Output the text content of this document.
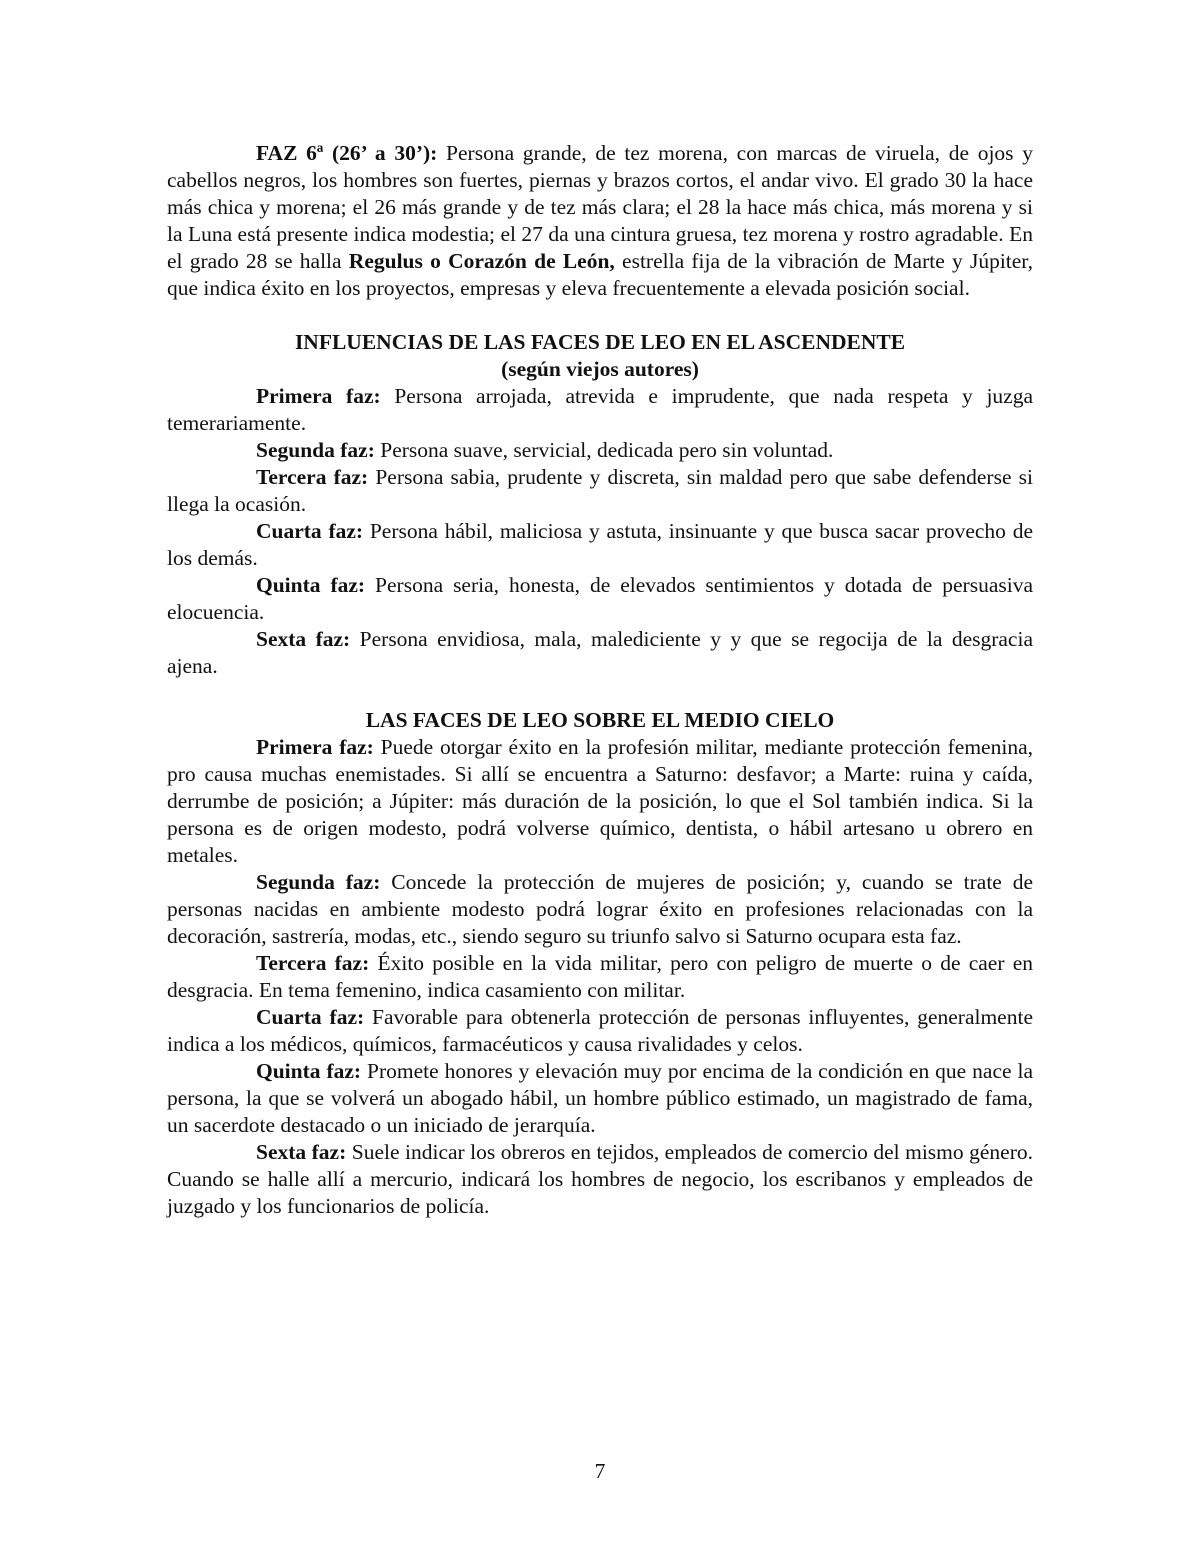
FAZ 6ª (26’ a 30’): Persona grande, de tez morena, con marcas de viruela, de ojos y cabellos negros, los hombres son fuertes, piernas y brazos cortos, el andar vivo. El grado 30 la hace más chica y morena; el 26 más grande y de tez más clara; el 28 la hace más chica, más morena y si la Luna está presente indica modestia; el 27 da una cintura gruesa, tez morena y rostro agradable. En el grado 28 se halla Regulus o Corazón de León, estrella fija de la vibración de Marte y Júpiter, que indica éxito en los proyectos, empresas y eleva frecuentemente a elevada posición social.

INFLUENCIAS DE LAS FACES DE LEO EN EL ASCENDENTE

(según viejos autores)

Primera faz: Persona arrojada, atrevida e imprudente, que nada respeta y juzga temerariamente.

Segunda faz: Persona suave, servicial, dedicada pero sin voluntad.

Tercera faz: Persona sabia, prudente y discreta, sin maldad pero que sabe defenderse si llega la ocasión.

Cuarta faz: Persona hábil, maliciosa y astuta, insinuante y que busca sacar provecho de los demás.

Quinta faz: Persona seria, honesta, de elevados sentimientos y dotada de persuasiva elocuencia.

Sexta faz: Persona envidiosa, mala, malediciente y y que se regocija de la desgracia ajena.

LAS FACES DE LEO SOBRE EL MEDIO CIELO

Primera faz: Puede otorgar éxito en la profesión militar, mediante protección femenina, pro causa muchas enemistades. Si allí se encuentra a Saturno: desfavor; a Marte: ruina y caída, derrumbe de posición; a Júpiter: más duración de la posición, lo que el Sol también indica. Si la persona es de origen modesto, podrá volverse químico, dentista, o hábil artesano u obrero en metales.

Segunda faz: Concede la protección de mujeres de posición; y, cuando se trate de personas nacidas en ambiente modesto podrá lograr éxito en profesiones relacionadas con la decoración, sastrería, modas, etc., siendo seguro su triunfo salvo si Saturno ocupara esta faz.

Tercera faz: Éxito posible en la vida militar, pero con peligro de muerte o de caer en desgracia. En tema femenino, indica casamiento con militar.

Cuarta faz: Favorable para obtenerla protección de personas influyentes, generalmente indica a los médicos, químicos, farmacéuticos y causa rivalidades y celos.

Quinta faz: Promete honores y elevación muy por encima de la condición en que nace la persona, la que se volverá un abogado hábil, un hombre público estimado, un magistrado de fama, un sacerdote destacado o un iniciado de jerarquía.

Sexta faz: Suele indicar los obreros en tejidos, empleados de comercio del mismo género. Cuando se halle allí a mercurio, indicará los hombres de negocio, los escribanos y empleados de juzgado y los funcionarios de policía.

7
